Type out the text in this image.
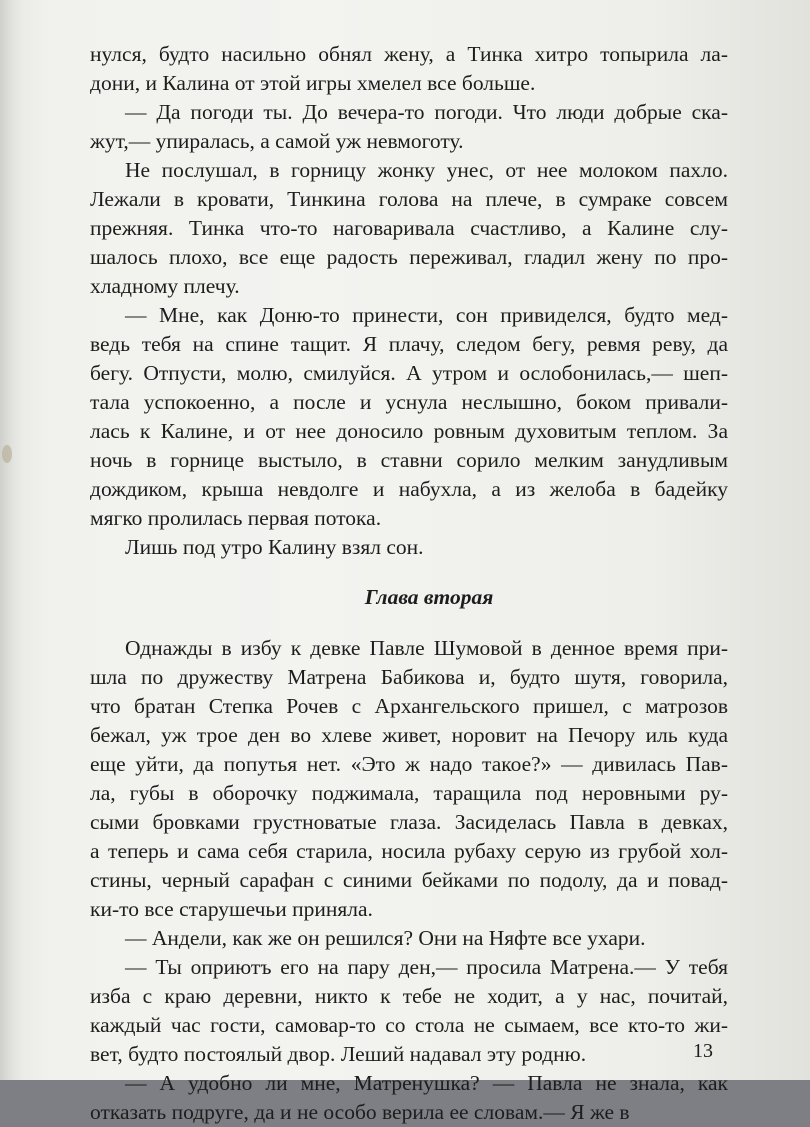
нулся, будто насильно обнял жену, а Тинка хитро топырила ла-
дони, и Калина от этой игры хмелел все больше.
— Да погоди ты. До вечера-то погоди. Что люди добрые ска-
жут,— упиралась, а самой уж невмоготу.
Не послушал, в горницу жонку унес, от нее молоком пахло.
Лежали в кровати, Тинкина голова на плече, в сумраке совсем
прежняя. Тинка что-то наговаривала счастливо, а Калине слу-
шалось плохо, все еще радость переживал, гладил жену по про-
хладному плечу.
— Мне, как Доню-то принести, сон привиделся, будто мед-
ведь тебя на спине тащит. Я плачу, следом бегу, ревмя реву, да
бегу. Отпусти, молю, смилуйся. А утром и ослобонилась,— шеп-
тала успокоенно, а после и уснула неслышно, боком привали-
лась к Калине, и от нее доносило ровным духовитым теплом. За
ночь в горнице выстыло, в ставни сорило мелким занудливым
дождиком, крыша невдолге и набухла, а из желоба в бадейку
мягко пролилась первая потока.
Лишь под утро Калину взял сон.
Глава вторая
Однажды в избу к девке Павле Шумовой в денное время при-
шла по дружеству Матрена Бабикова и, будто шутя, говорила,
что братан Степка Рочев с Архангельского пришел, с матрозов
бежал, уж трое ден во хлеве живет, норовит на Печору иль куда
еще уйти, да попутья нет. «Это ж надо такое?» — дивилась Пав-
ла, губы в оборочку поджимала, таращила под неровными ру-
сыми бровками грустноватые глаза. Засиделась Павла в девках,
а теперь и сама себя старила, носила рубаху серую из грубой хол-
стины, черный сарафан с синими бейками по подолу, да и повад-
ки-то все старушечьи приняла.
— Андели, как же он решился? Они на Няфте все ухари.
— Ты оприютъ его на пару ден,— просила Матрена.— У тебя
изба с краю деревни, никто к тебе не ходит, а у нас, почитай,
каждый час гости, самовар-то со стола не сымаем, все кто-то жи-
вет, будто постоялый двор. Леший надавал эту родню.
— А удобно ли мне, Матренушка? — Павла не знала, как
отказать подруге, да и не особо верила ее словам.— Я же в
13
